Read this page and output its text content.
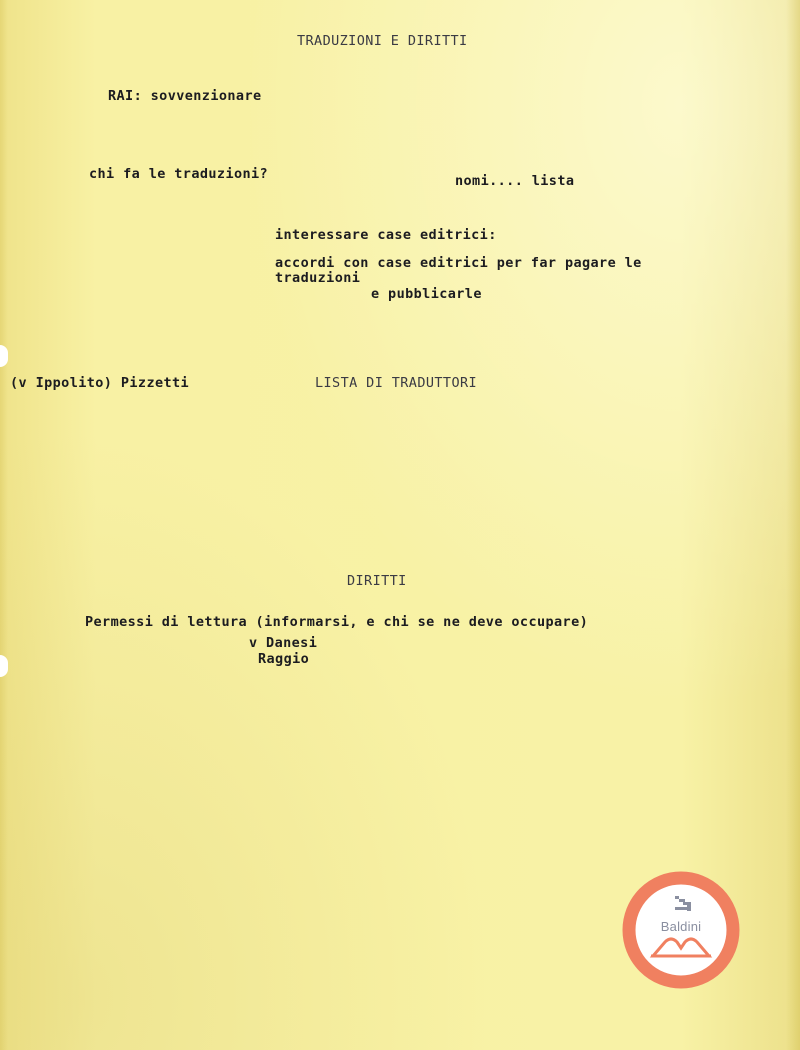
TRADUZIONI E DIRITTI
RAI: sovvenzionare
chi fa le traduzioni?	nomi.... lista
interessare case editrici:
accordi con case editrici per far pagare le
traduzioni
e pubblicarle
(v Ippolito) Pizzetti	LISTA DI TRADUTTORI
DIRITTI
Permessi di lettura (informarsi, e chi se ne deve occupare)
v Danesi
Raggio
Baldini
